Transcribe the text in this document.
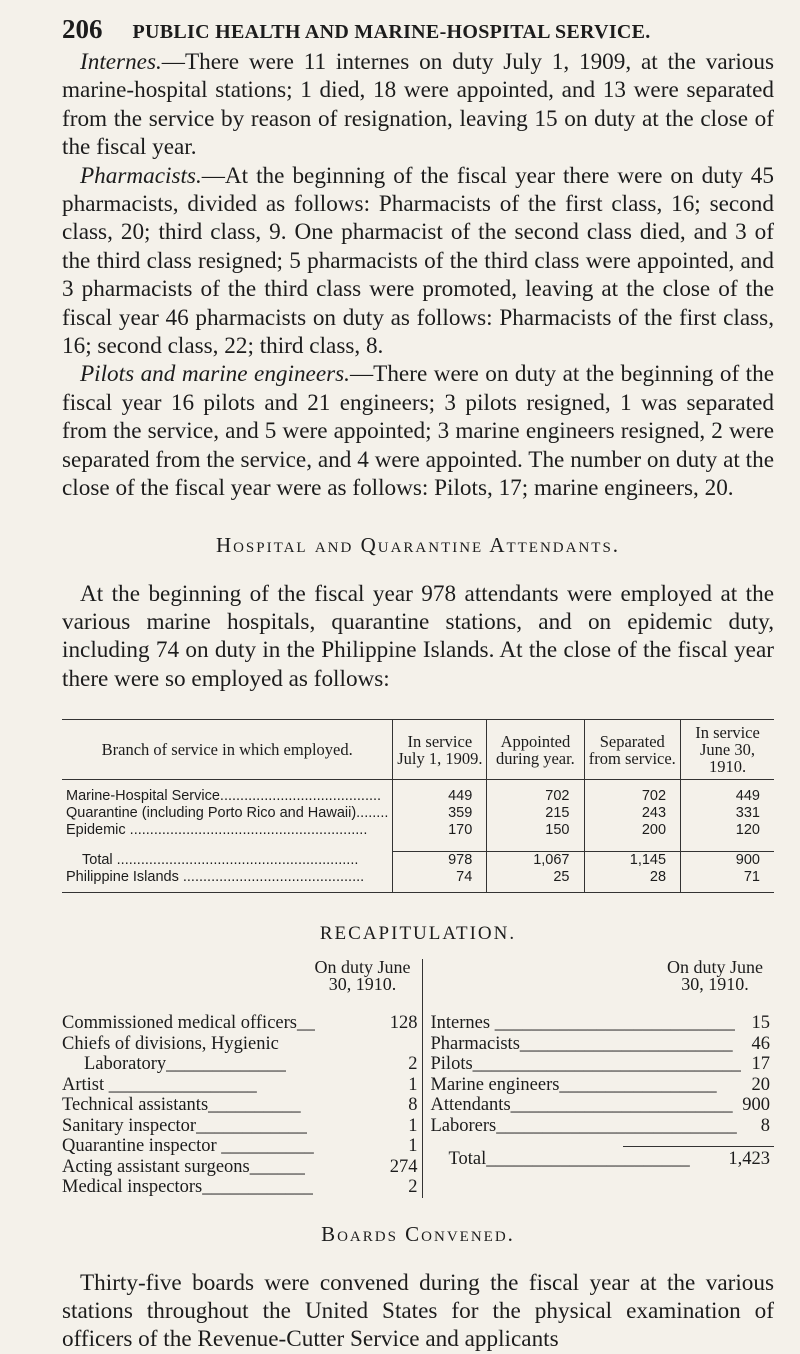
206 PUBLIC HEALTH AND MARINE-HOSPITAL SERVICE.

Internes.—There were 11 internes on duty July 1, 1909, at the various marine-hospital stations; 1 died, 18 were appointed, and 13 were separated from the service by reason of resignation, leaving 15 on duty at the close of the fiscal year.

Pharmacists.—At the beginning of the fiscal year there were on duty 45 pharmacists, divided as follows: Pharmacists of the first class, 16; second class, 20; third class, 9. One pharmacist of the second class died, and 3 of the third class resigned; 5 pharmacists of the third class were appointed, and 3 pharmacists of the third class were promoted, leaving at the close of the fiscal year 46 pharmacists on duty as follows: Pharmacists of the first class, 16; second class, 22; third class, 8.

Pilots and marine engineers.—There were on duty at the beginning of the fiscal year 16 pilots and 21 engineers; 3 pilots resigned, 1 was separated from the service, and 5 were appointed; 3 marine engineers resigned, 2 were separated from the service, and 4 were appointed. The number on duty at the close of the fiscal year were as follows: Pilots, 17; marine engineers, 20.

Hospital and Quarantine Attendants.

At the beginning of the fiscal year 978 attendants were employed at the various marine hospitals, quarantine stations, and on epidemic duty, including 74 on duty in the Philippine Islands. At the close of the fiscal year there were so employed as follows:

Branch of service in which employed.	In service July 1, 1909.	Appointed during year.	Separated from service.	In service June 30, 1910.
Marine-Hospital Service........................................	449	702	702	449
Quarantine (including Porto Rico and Hawaii)........	359	215	243	331
Epidemic ...........................................................	170	150	200	120

Total ............................................................	978	1,067	1,145	900
Philippine Islands .............................................	74	25	28	71
RECAPITULATION.
On duty June 30, 1910.
Commissioned medical officers__	128
Chiefs of divisions, Hygienic
Laboratory_____________	2
Artist ________________	1
Technical assistants__________	8
Sanitary inspector____________	1
Quarantine inspector __________	1
Acting assistant surgeons______	274
Medical inspectors____________	2
On duty June 30, 1910.
Internes __________________________ 15
Pharmacists_______________________ 46
Pilots_____________________________ 17
Marine engineers_________________ 20
Attendants________________________ 900
Laborers__________________________ 8
Total______________________ 1,423
Boards Convened.

Thirty-five boards were convened during the fiscal year at the various stations throughout the United States for the physical examination of officers of the Revenue-Cutter Service and applicants
